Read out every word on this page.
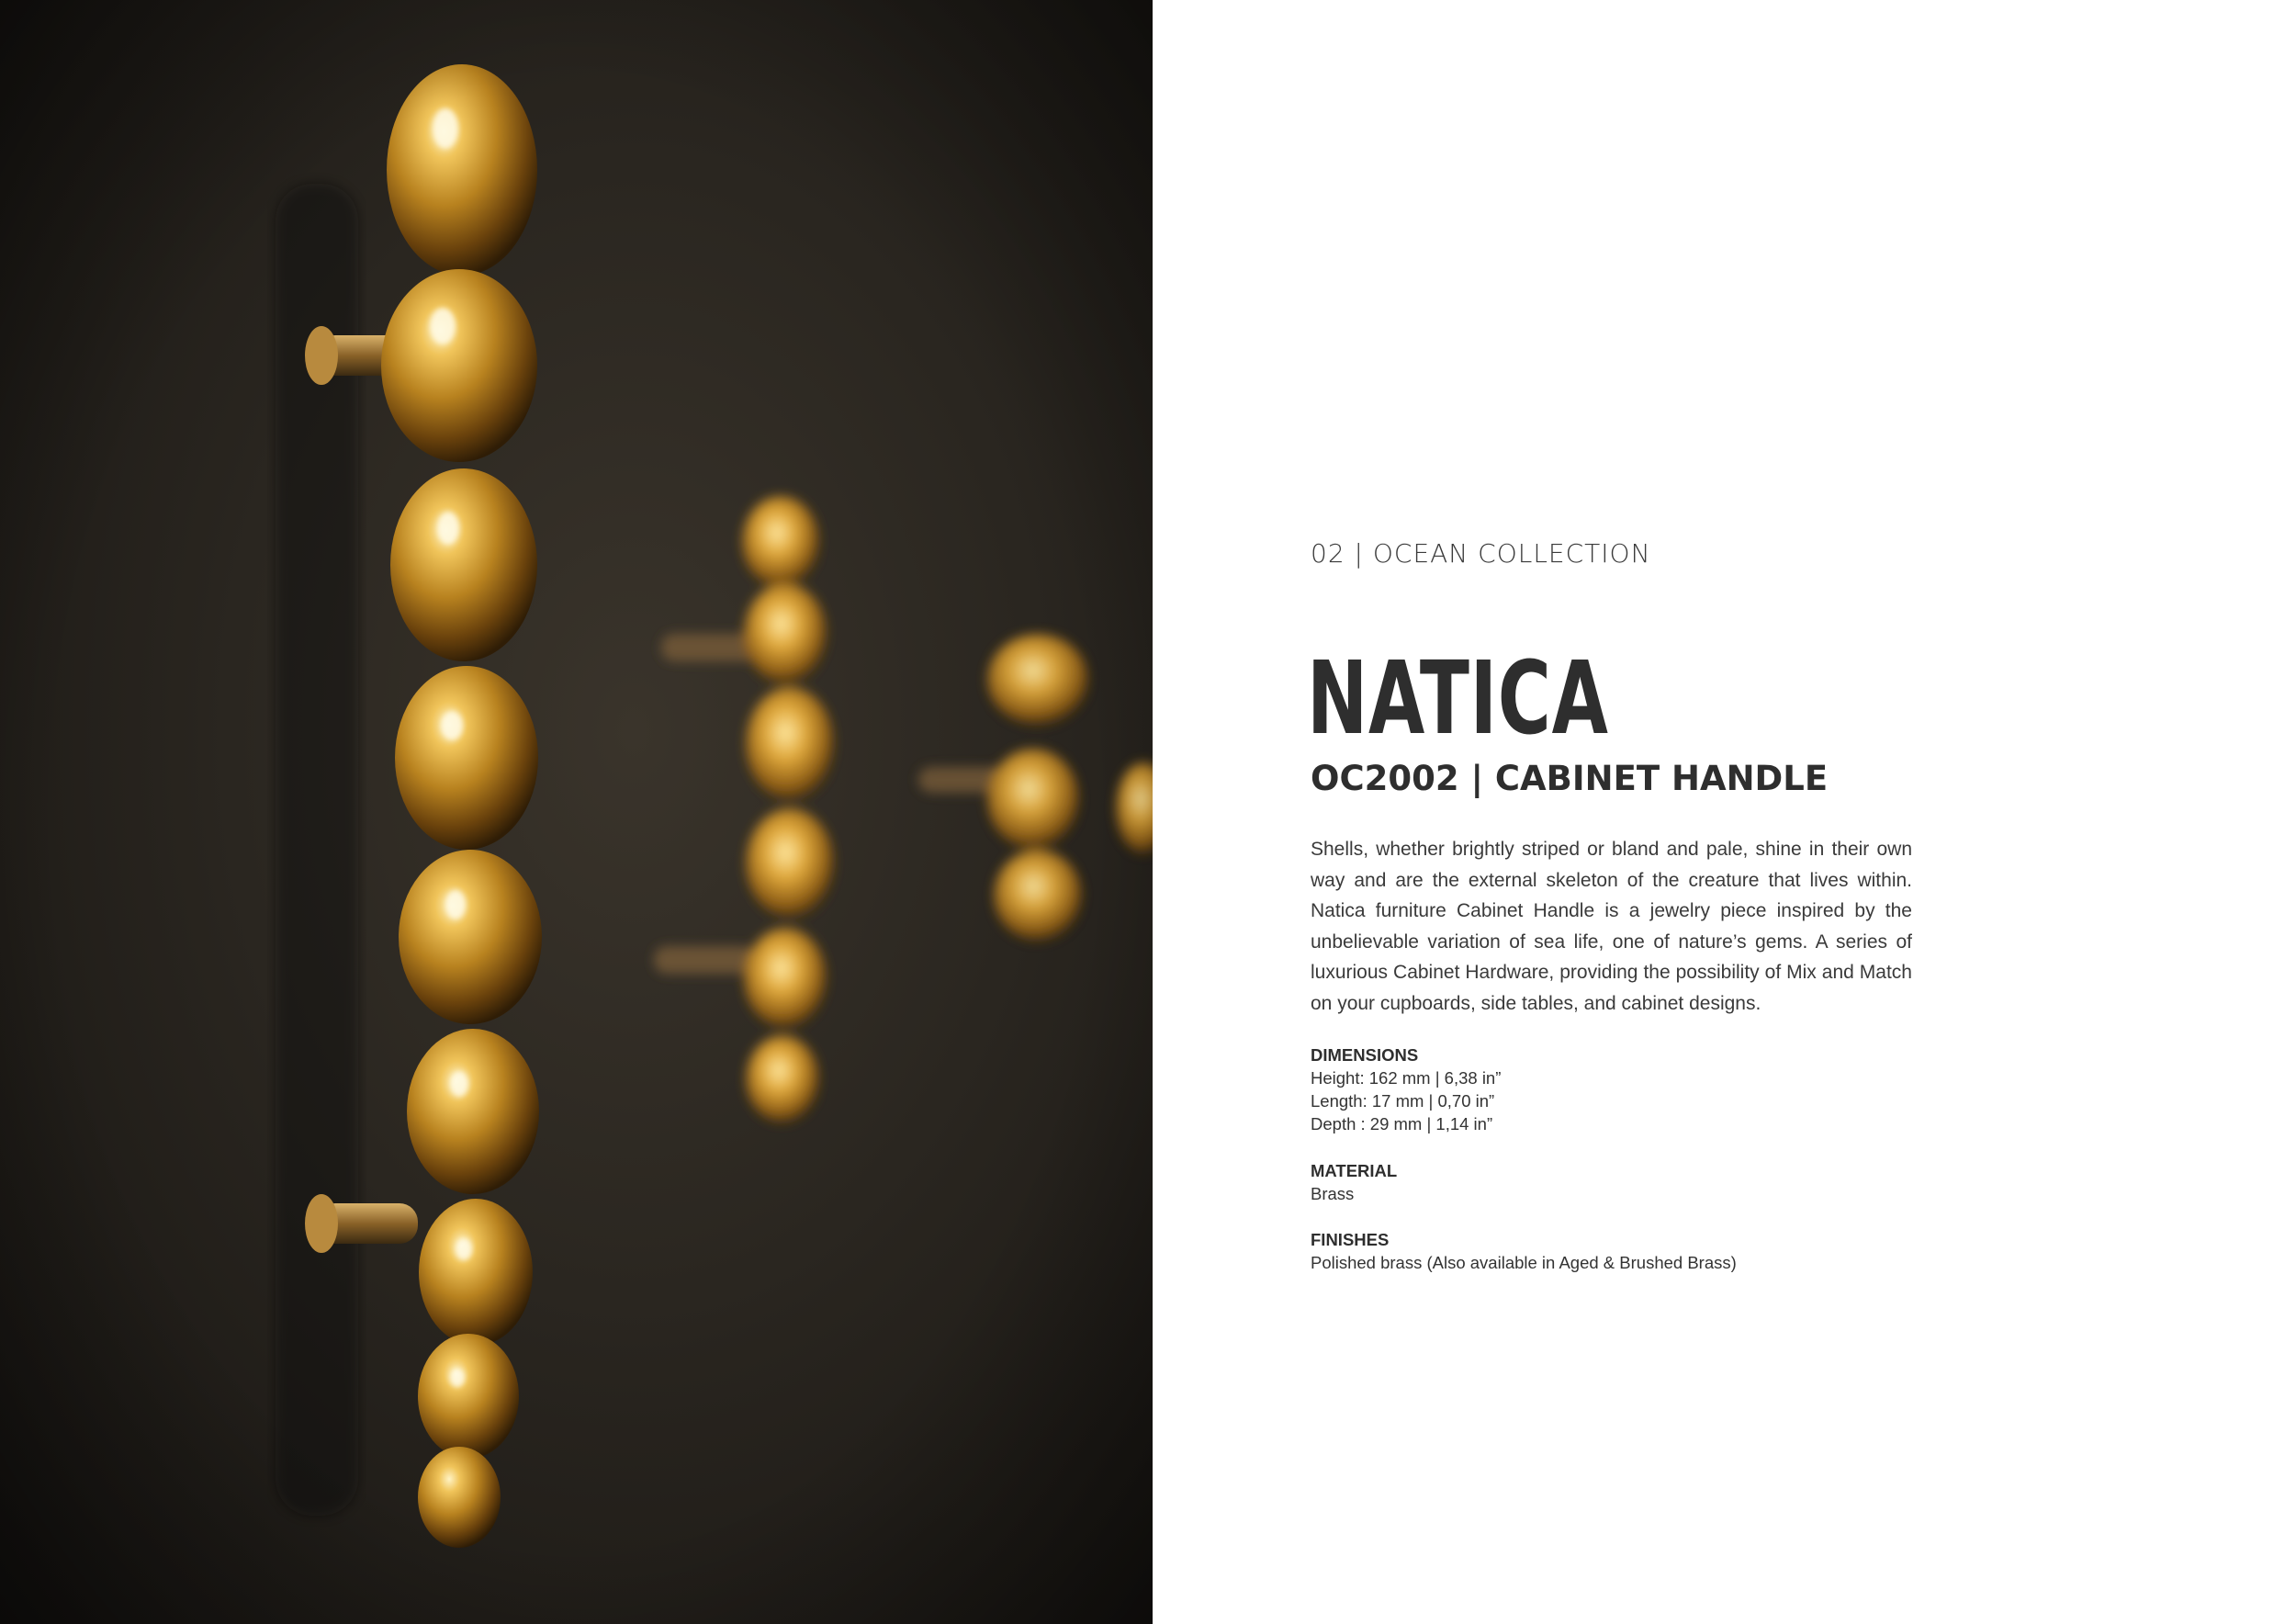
02 | OCEAN COLLECTION
NATICA
OC2002 | CABINET HANDLE
Shells, whether brightly striped or bland and pale, shine in their own way and are the external skeleton of the creature that lives within. Natica furniture Cabinet Handle is a jewelry piece inspired by the unbelievable variation of sea life, one of nature’s gems. A series of luxurious Cabinet Hardware, providing the possibility of Mix and Match on your cupboards, side tables, and cabinet designs.
DIMENSIONS
Height: 162 mm | 6,38 in”
Length: 17 mm | 0,70 in”
Depth : 29 mm | 1,14 in”
MATERIAL
Brass
FINISHES
Polished brass (Also available in Aged & Brushed Brass)
